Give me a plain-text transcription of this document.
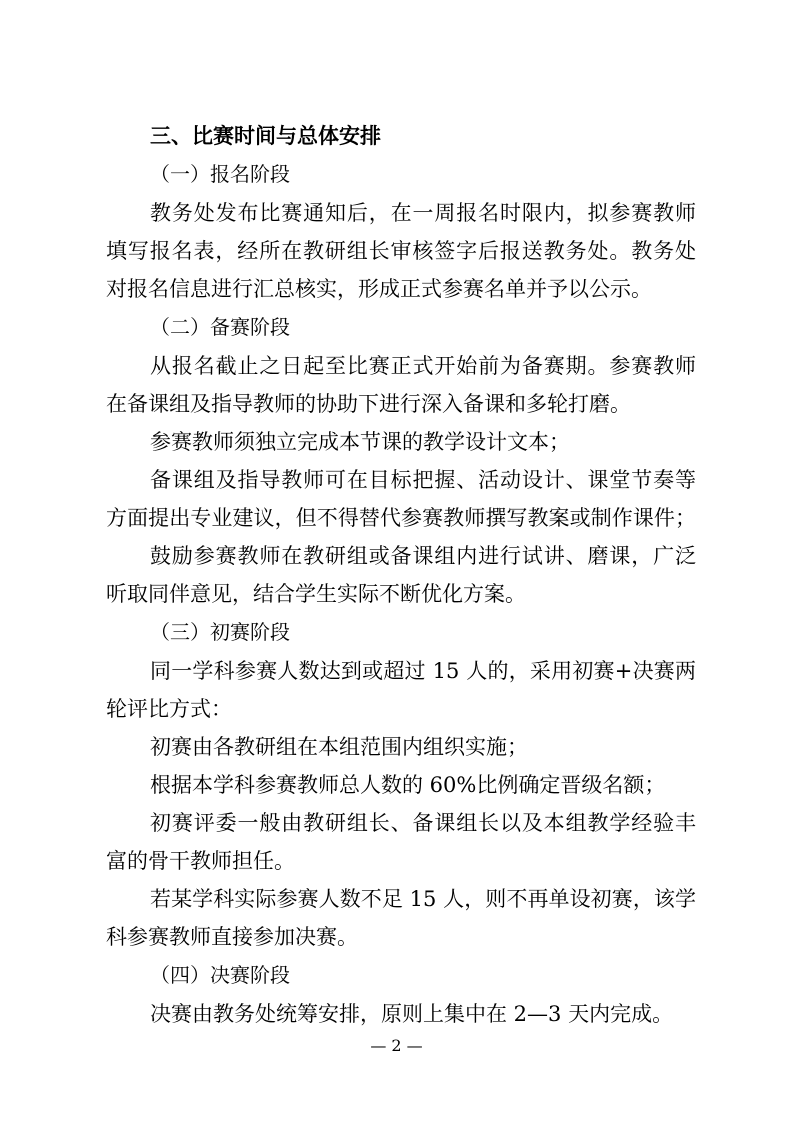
三、比赛时间与总体安排
（一）报名阶段
教务处发布比赛通知后，在一周报名时限内，拟参赛教师
填写报名表，经所在教研组长审核签字后报送教务处。教务处
对报名信息进行汇总核实，形成正式参赛名单并予以公示。
（二）备赛阶段
从报名截止之日起至比赛正式开始前为备赛期。参赛教师
在备课组及指导教师的协助下进行深入备课和多轮打磨。
参赛教师须独立完成本节课的教学设计文本；
备课组及指导教师可在目标把握、活动设计、课堂节奏等
方面提出专业建议，但不得替代参赛教师撰写教案或制作课件；
鼓励参赛教师在教研组或备课组内进行试讲、磨课，广泛
听取同伴意见，结合学生实际不断优化方案。
（三）初赛阶段
同一学科参赛人数达到或超过 15 人的，采用初赛+决赛两
轮评比方式：
初赛由各教研组在本组范围内组织实施；
根据本学科参赛教师总人数的 60%比例确定晋级名额；
初赛评委一般由教研组长、备课组长以及本组教学经验丰
富的骨干教师担任。
若某学科实际参赛人数不足 15 人，则不再单设初赛，该学
科参赛教师直接参加决赛。
（四）决赛阶段
决赛由教务处统筹安排，原则上集中在 2—3 天内完成。
— 2 —
